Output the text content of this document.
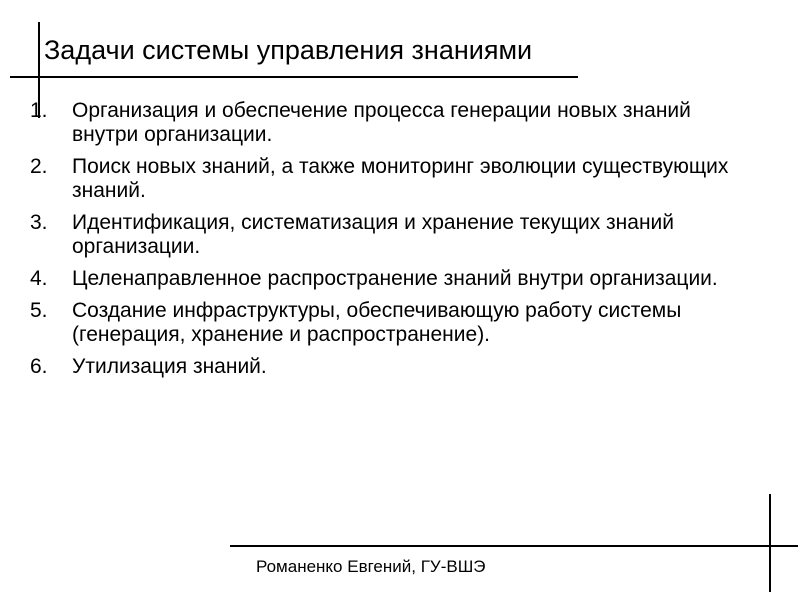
Задачи системы управления знаниями
1.	Организация и обеспечение процесса генерации новых знаний внутри организации.
2.	Поиск новых знаний, а также мониторинг эволюции существующих знаний.
3.	Идентификация, систематизация и хранение текущих знаний организации.
4.	Целенаправленное распространение знаний внутри организации.
5.	Создание инфраструктуры, обеспечивающую работу системы (генерация, хранение и распространение).
6.	Утилизация знаний.
Романенко Евгений, ГУ-ВШЭ
